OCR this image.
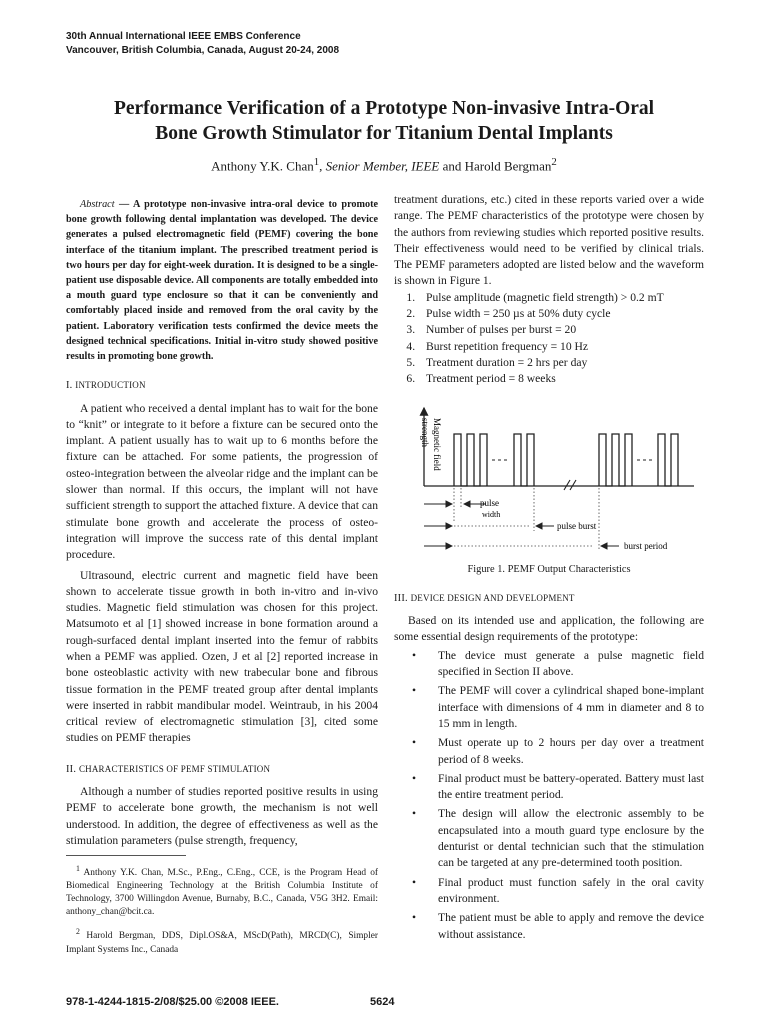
30th Annual International IEEE EMBS Conference
Vancouver, British Columbia, Canada, August 20-24, 2008
Performance Verification of a Prototype Non-invasive Intra-Oral
Bone Growth Stimulator for Titanium Dental Implants
Anthony Y.K. Chan$^1$, Senior Member, IEEE and Harold Bergman$^2$

Abstract — A prototype non-invasive intra-oral device to promote bone growth following dental implantation was developed. The device generates a pulsed electromagnetic field (PEMF) covering the bone interface of the titanium implant. The prescribed treatment period is two hours per day for eight-week duration. It is designed to be a single-patient use disposable device. All components are totally embedded into a mouth guard type enclosure so that it can be conveniently and comfortably placed inside and removed from the oral cavity by the patient. Laboratory verification tests confirmed the device meets the designed technical specifications. Initial in-vitro study showed positive results in promoting bone growth.

I. INTRODUCTION

A patient who received a dental implant has to wait for the bone to “knit” or integrate to it before a fixture can be secured onto the implant. A patient usually has to wait up to 6 months before the fixture can be attached. For some patients, the progression of osteo-integration between the alveolar ridge and the implant can be slower than normal. If this occurs, the implant will not have sufficient strength to support the attached fixture. A device that can stimulate bone growth and accelerate the process of osteo-integration will improve the success rate of this dental implant procedure.

Ultrasound, electric current and magnetic field have been shown to accelerate tissue growth in both in-vitro and in-vivo studies. Magnetic field stimulation was chosen for this project. Matsumoto et al [1] showed increase in bone formation around a rough-surfaced dental implant inserted into the femur of rabbits when a PEMF was applied. Ozen, J et al [2] reported increase in bone osteoblastic activity with new trabecular bone and fibrous tissue formation in the PEMF treated group after dental implants were inserted in rabbit mandibular model. Weintraub, in his 2004 critical review of electromagnetic stimulation [3], cited some studies on PEMF therapies

II. CHARACTERISTICS OF PEMF STIMULATION

Although a number of studies reported positive results in using PEMF to accelerate bone growth, the mechanism is not well understood. In addition, the degree of effectiveness as well as the stimulation parameters (pulse strength, frequency,

$^1$ Anthony Y.K. Chan, M.Sc., P.Eng., C.Eng., CCE, is the Program Head of Biomedical Engineering Technology at the British Columbia Institute of Technology, 3700 Willingdon Avenue, Burnaby, B.C., Canada, V5G 3H2. Email: anthony_chan@bcit.ca.

$^2$ Harold Bergman, DDS, Dipl.OS&A, MScD(Path), MRCD(C), Simpler Implant Systems Inc., Canada

treatment durations, etc.) cited in these reports varied over a wide range. The PEMF characteristics of the prototype were chosen by the authors from reviewing studies which reported positive results. Their effectiveness would need to be verified by clinical trials. The PEMF parameters adopted are listed below and the waveform is shown in Figure 1.

1. Pulse amplitude (magnetic field strength) > 0.2 mT
2. Pulse width = 250 µs at 50% duty cycle
3. Number of pulses per burst = 20
4. Burst repetition frequency = 10 Hz
5. Treatment duration = 2 hrs per day
6. Treatment period = 8 weeks
Magnetic field
strength
pulse
width
pulse burst
burst period
Figure 1. PEMF Output Characteristics
III. DEVICE DESIGN AND DEVELOPMENT

Based on its intended use and application, the following are some essential design requirements of the prototype:

• The device must generate a pulse magnetic field specified in Section II above.
• The PEMF will cover a cylindrical shaped bone-implant interface with dimensions of 4 mm in diameter and 8 to 15 mm in length.
• Must operate up to 2 hours per day over a treatment period of 8 weeks.
• Final product must be battery-operated. Battery must last the entire treatment period.
• The design will allow the electronic assembly to be encapsulated into a mouth guard type enclosure by the denturist or dental technician such that the stimulation can be targeted at any pre-determined tooth position.
• Final product must function safely in the oral cavity environment.
• The patient must be able to apply and remove the device without assistance.
978-1-4244-1815-2/08/$25.00 ©2008 IEEE.	5624
